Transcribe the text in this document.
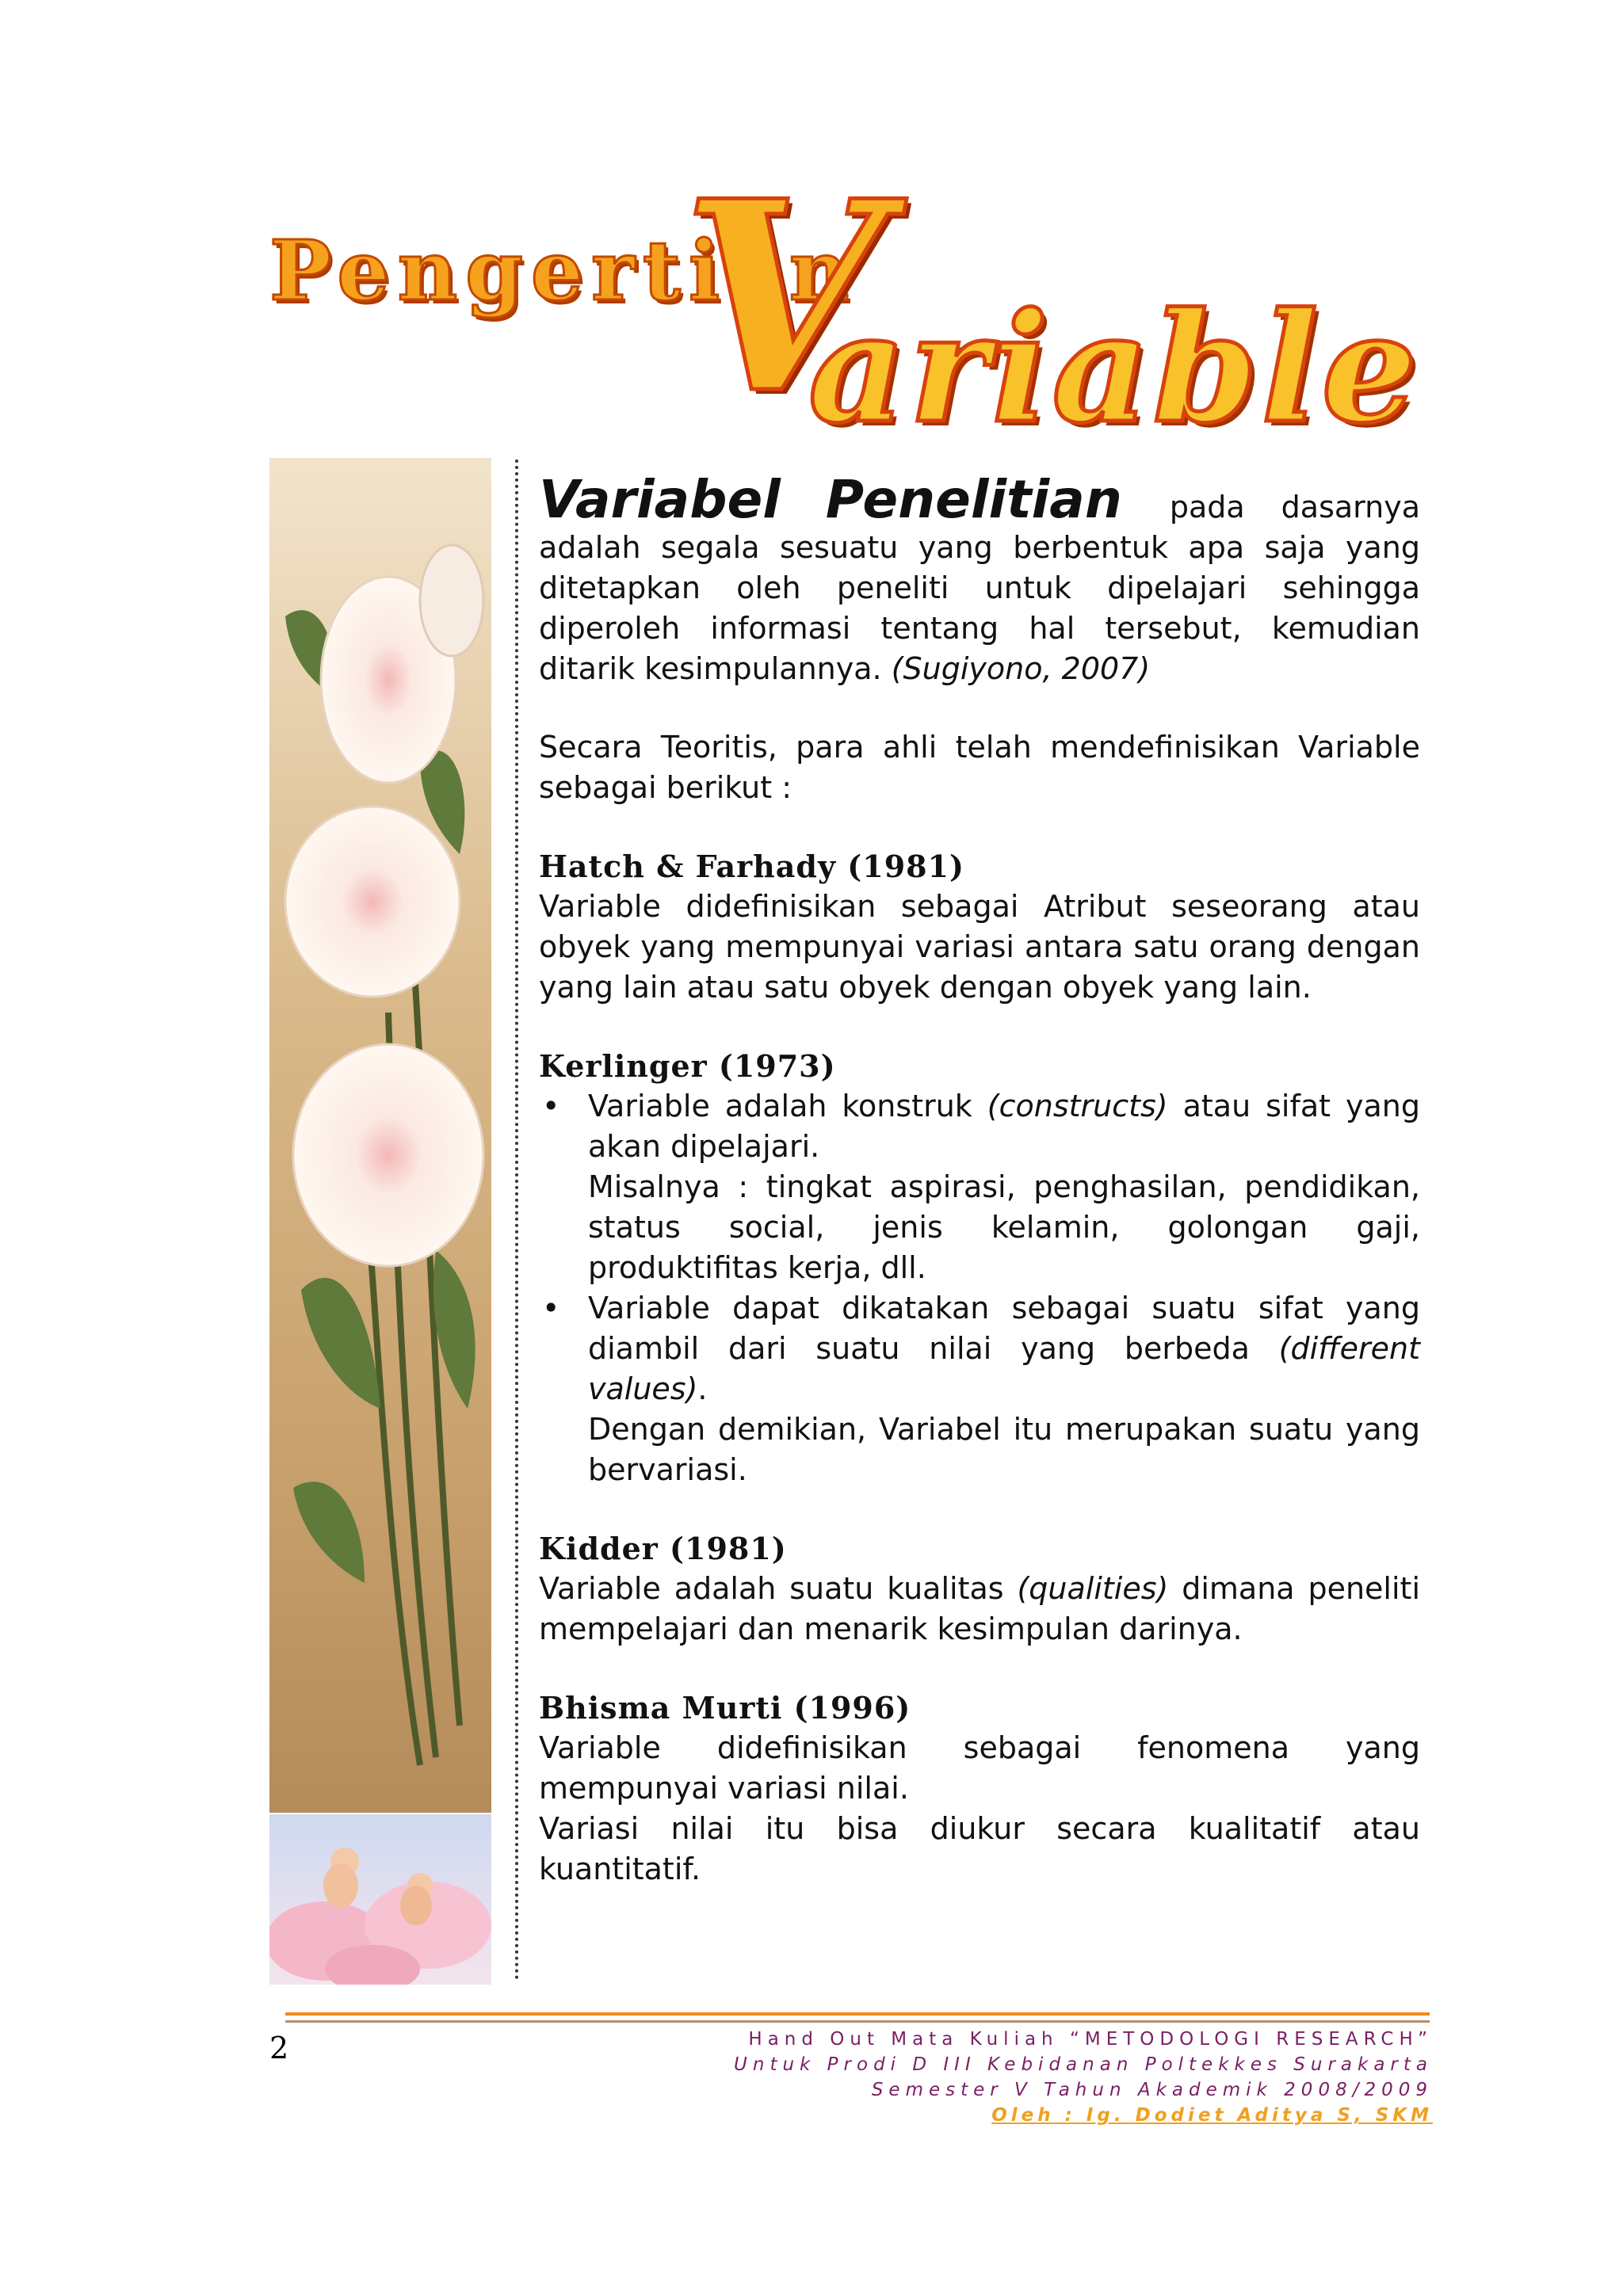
Pengertian
V
ariable

Variabel Penelitian pada dasarnya adalah segala sesuatu yang berbentuk apa saja yang ditetapkan oleh peneliti untuk dipelajari sehingga diperoleh informasi tentang hal tersebut, kemudian ditarik kesimpulannya. (Sugiyono, 2007)

Secara Teoritis, para ahli telah mendefinisikan Variable sebagai berikut :

Hatch & Farhady (1981)

Variable didefinisikan sebagai Atribut seseorang atau obyek yang mempunyai variasi antara satu orang dengan yang lain atau satu obyek dengan obyek yang lain.

Kerlinger (1973)
• Variable adalah konstruk (constructs) atau sifat yang akan dipelajari.

Misalnya : tingkat aspirasi, penghasilan, pendidikan, status social, jenis kelamin, golongan gaji, produktifitas kerja, dll.

• Variable dapat dikatakan sebagai suatu sifat yang diambil dari suatu nilai yang berbeda (different values).

Dengan demikian, Variabel itu merupakan suatu yang bervariasi.

Kidder (1981)

Variable adalah suatu kualitas (qualities) dimana peneliti mempelajari dan menarik kesimpulan darinya.

Bhisma Murti (1996)

Variable didefinisikan sebagai fenomena yang mempunyai variasi nilai.

Variasi nilai itu bisa diukur secara kualitatif atau kuantitatif.

2	Hand Out Mata Kuliah “METODOLOGI RESEARCH”
Untuk Prodi D III Kebidanan Poltekkes Surakarta
Semester V Tahun Akademik 2008/2009
Oleh : Ig. Dodiet Aditya S, SKM
